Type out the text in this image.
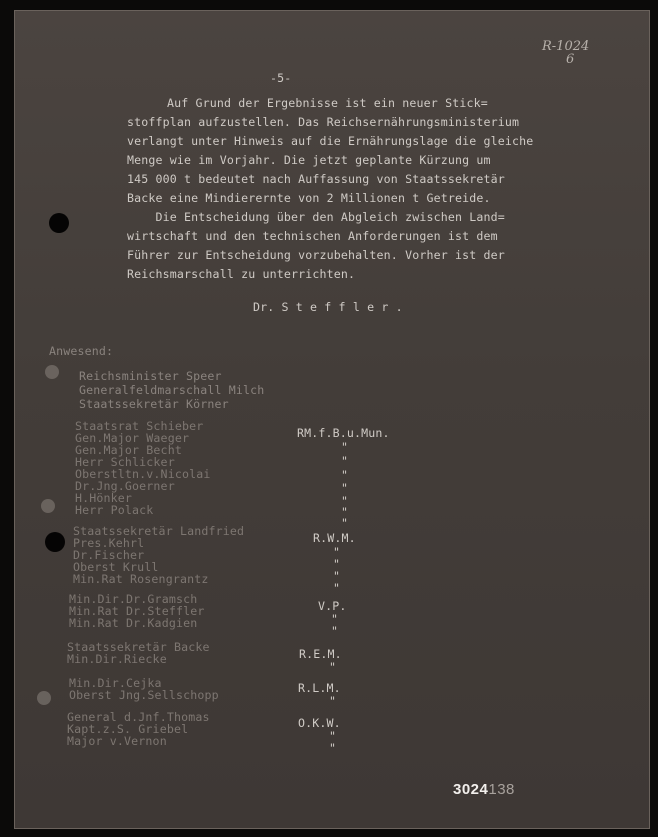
-5-
R-1024
6
Auf Grund der Ergebnisse ist ein neuer Stick=
stoffplan aufzustellen. Das Reichsernährungsministerium
verlangt unter Hinweis auf die Ernährungslage die gleiche
Menge wie im Vorjahr. Die jetzt geplante Kürzung um
145 000 t bedeutet nach Auffassung von Staatssekretär
Backe eine Mindierernte von 2 Millionen t Getreide.
Die Entscheidung über den Abgleich zwischen Land=
wirtschaft und den technischen Anforderungen ist dem
Führer zur Entscheidung vorzubehalten. Vorher ist der
Reichsmarschall zu unterrichten.
Dr. S t e f f l e r .
Anwesend:
Reichsminister Speer
Generalfeldmarschall Milch
Staatssekretär Körner
Staatsrat Schieber
Gen.Major Waeger
Gen.Major Becht
Herr Schlicker
Oberstltn.v.Nicolai
Dr.Jng.Goerner
H.Hönker
Herr Polack
RM.f.B.u.Mun.
"
"
"
"
"
"
"
Staatssekretär Landfried
Pres.Kehrl
Dr.Fischer
Oberst Krull
Min.Rat Rosengrantz
R.W.M.
"
"
"
"
Min.Dir.Dr.Gramsch
Min.Rat Dr.Steffler
Min.Rat Dr.Kadgien
V.P.
"
"
Staatssekretär Backe
Min.Dir.Riecke	R.E.M.
"
Min.Dir.Cejka
Oberst Jng.Sellschopp	R.L.M.
"
General d.Jnf.Thomas
Kapt.z.S. Griebel
Major v.Vernon
O.K.W.
"
"
3024138
